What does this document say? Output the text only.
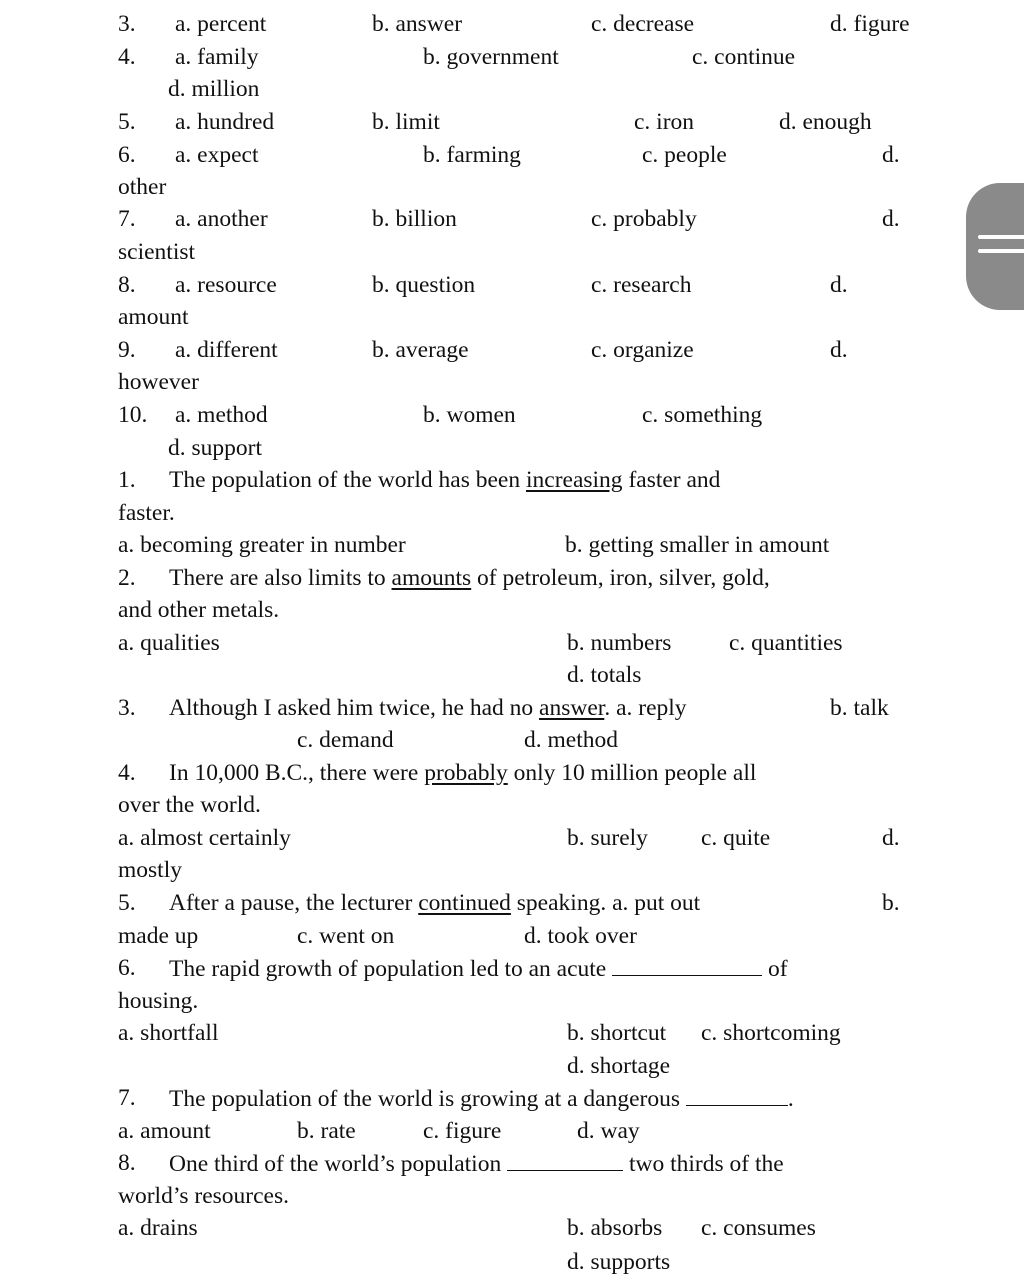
3. a. percent	b. answer	c. decrease	d. figure
4. a. family	b. government	c. continue
d. million
5. a. hundred	b. limit	c. iron	d. enough
6. a. expect	b. farming	c. people	d.
other
7. a. another	b. billion	c. probably	d.
scientist
8. a. resource	b. question	c. research	d.
amount
9. a. different	b. average	c. organize	d.
however
10. a. method	b. women	c. something
d. support
1. The population of the world has been increasing faster and
faster.
a. becoming greater in number	b. getting smaller in amount
2. There are also limits to amounts of petroleum, iron, silver, gold,
and other metals.
a. qualities	b. numbers c. quantities
d. totals
3. Although I asked him twice, he had no answer. a. reply	b. talk
c. demand	d. method
4. In 10,000 B.C., there were probably only 10 million people all
over the world.
a. almost certainly	b. surely c. quite	d.
mostly
5. After a pause, the lecturer continued speaking. a. put out	b.
made up	c. went on	d. took over
6. The rapid growth of population led to an acute	of
housing.
a. shortfall	b. shortcut c. shortcoming
d. shortage
7. The population of the world is growing at a dangerous	.
a. amount	b. rate	c. figure	d. way
8. One third of the world’s population	two thirds of the
world’s resources.
a. drains	b. absorbs c. consumes
d. supports
